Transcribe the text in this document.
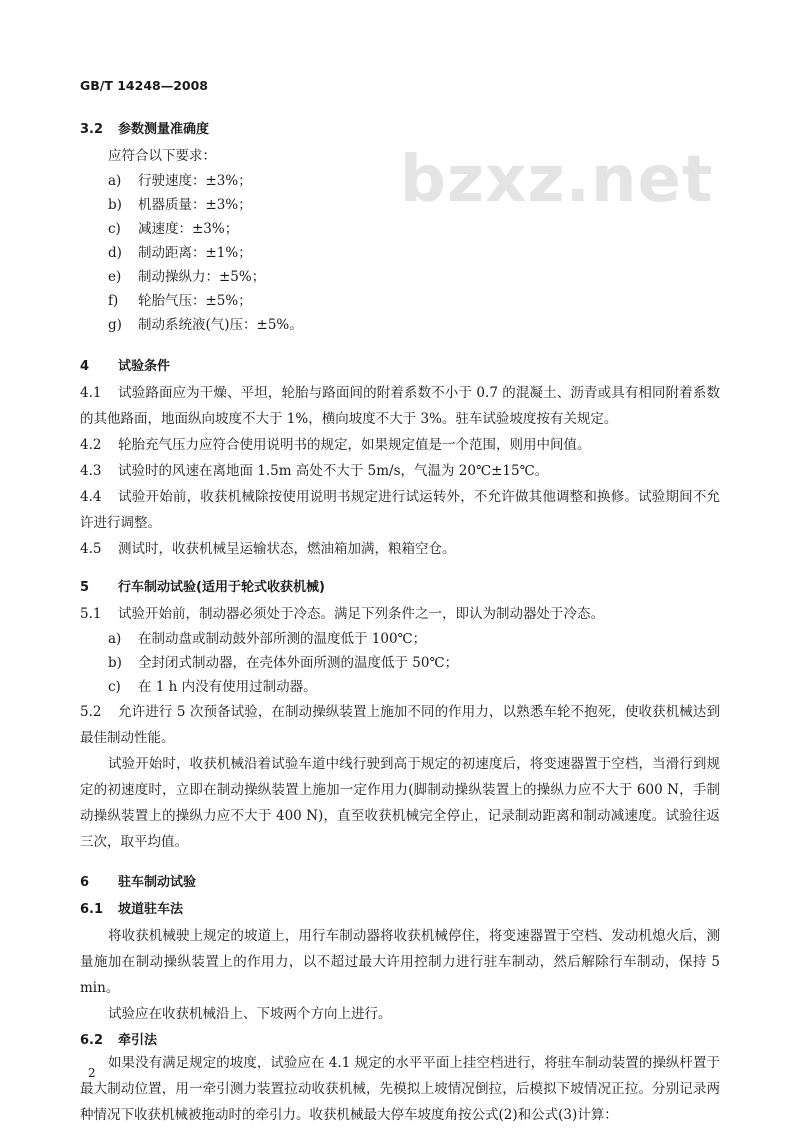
GB/T 14248—2008
bzxz.net
3.2 参数测量准确度

应符合以下要求：

a) 行驶速度：±3%；
b) 机器质量：±3%；
c) 减速度：±3%；
d) 制动距离：±1%；
e) 制动操纵力：±5%；
f) 轮胎气压：±5%；
g) 制动系统液(气)压：±5%。
4 试验条件

4.1 试验路面应为干燥、平坦，轮胎与路面间的附着系数不小于 0.7 的混凝土、沥青或具有相同附着系数的其他路面，地面纵向坡度不大于 1%，横向坡度不大于 3%。驻车试验坡度按有关规定。

4.2 轮胎充气压力应符合使用说明书的规定，如果规定值是一个范围，则用中间值。

4.3 试验时的风速在离地面 1.5m 高处不大于 5m/s，气温为 20℃±15℃。

4.4 试验开始前，收获机械除按使用说明书规定进行试运转外，不允许做其他调整和换修。试验期间不允许进行调整。

4.5 测试时，收获机械呈运输状态，燃油箱加满，粮箱空仓。

5 行车制动试验(适用于轮式收获机械)

5.1 试验开始前，制动器必须处于冷态。满足下列条件之一，即认为制动器处于冷态。

a) 在制动盘或制动鼓外部所测的温度低于 100℃；
b) 全封闭式制动器，在壳体外面所测的温度低于 50℃；
c) 在 1 h 内没有使用过制动器。

5.2 允许进行 5 次预备试验，在制动操纵装置上施加不同的作用力，以熟悉车轮不抱死，使收获机械达到最佳制动性能。

试验开始时，收获机械沿着试验车道中线行驶到高于规定的初速度后，将变速器置于空档，当滑行到规定的初速度时，立即在制动操纵装置上施加一定作用力(脚制动操纵装置上的操纵力应不大于 600 N，手制动操纵装置上的操纵力应不大于 400 N)，直至收获机械完全停止，记录制动距离和制动减速度。试验往返三次，取平均值。

6 驻车制动试验
6.1 坡道驻车法

将收获机械驶上规定的坡道上，用行车制动器将收获机械停住，将变速器置于空档、发动机熄火后，测量施加在制动操纵装置上的作用力，以不超过最大许用控制力进行驻车制动，然后解除行车制动，保持 5 min。

试验应在收获机械沿上、下坡两个方向上进行。

6.2 牵引法

如果没有满足规定的坡度，试验应在 4.1 规定的水平平面上挂空档进行，将驻车制动装置的操纵杆置于最大制动位置，用一牵引测力装置拉动收获机械，先模拟上坡情况倒拉，后模拟下坡情况正拉。分别记录两种情况下收获机械被拖动时的牵引力。收获机械最大停车坡度角按公式(2)和公式(3)计算：

2
